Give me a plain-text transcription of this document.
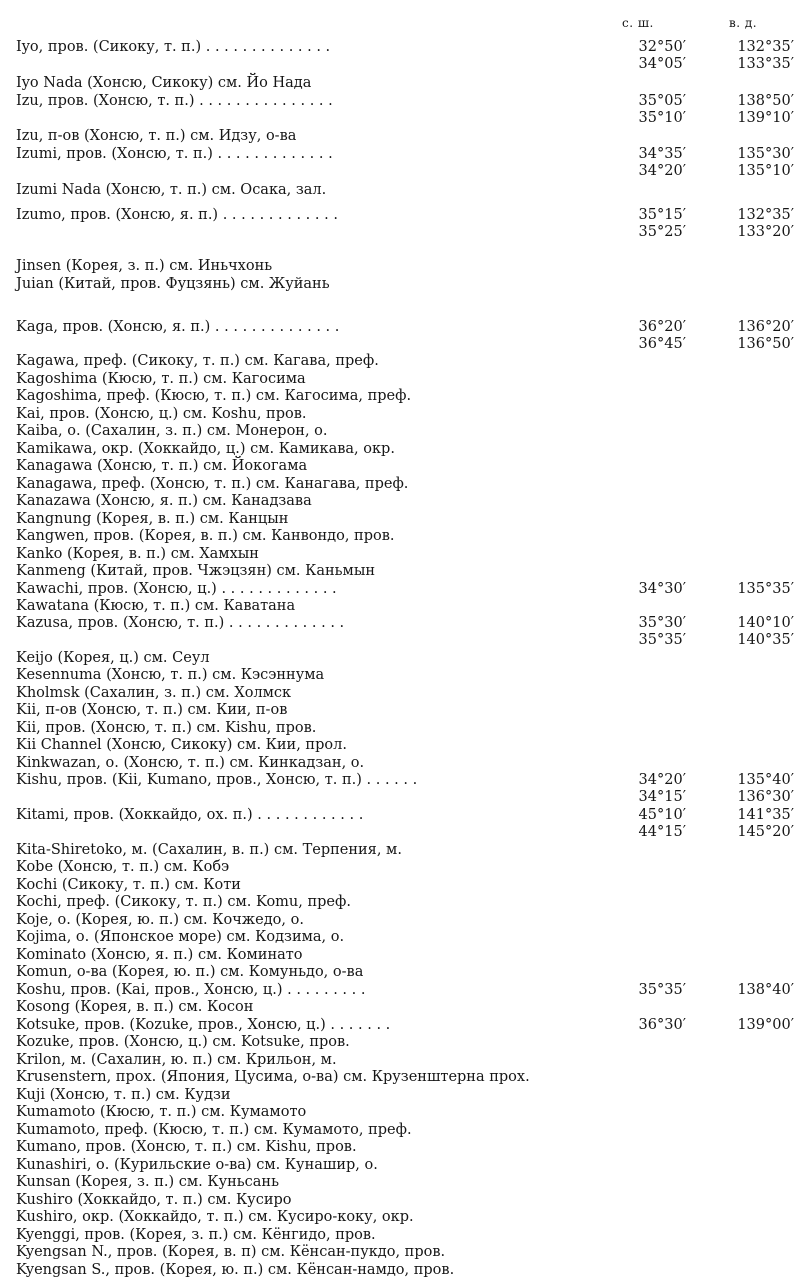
с. ш.	в. д.
Iyo, пров. (Сикоку, т. п.) . . . . . . . . . . . . . .	32°50′	132°35′
34°05′	133°35′
Iyo Nada (Хонсю, Сикоку) см. Йо Нада
Izu, пров. (Хонсю, т. п.) . . . . . . . . . . . . . . .	35°05′	138°50′
35°10′	139°10′
Izu, п-ов (Хонсю, т. п.) см. Идзу, о-ва
Izumi, пров. (Хонсю, т. п.) . . . . . . . . . . . . .	34°35′	135°30′
34°20′	135°10′
Izumi Nada (Хонсю, т. п.) см. Осака, зал.
Izumo, пров. (Хонсю, я. п.) . . . . . . . . . . . . .	35°15′	132°35′
35°25′	133°20′
Jinsen (Корея, з. п.) см. Иньчхонь
Juian (Китай, пров. Фуцзянь) см. Жуйань
Kaga, пров. (Хонсю, я. п.) . . . . . . . . . . . . . .	36°20′	136°20′
36°45′	136°50′
Kagawa, преф. (Сикоку, т. п.) см. Кагава, преф.
Kagoshima (Кюсю, т. п.) см. Кагосима
Kagoshima, преф. (Кюсю, т. п.) см. Кагосима, преф.
Kai, пров. (Хонсю, ц.) см. Koshu, пров.
Kaiba, о. (Сахалин, з. п.) см. Монерон, о.
Kamikawa, окр. (Хоккайдо, ц.) см. Камикава, окр.
Kanagawa (Хонсю, т. п.) см. Йокогама
Kanagawa, преф. (Хонсю, т. п.) см. Канагава, преф.
Kanazawa (Хонсю, я. п.) см. Канадзава
Kangnung (Корея, в. п.) см. Канцын
Kangwen, пров. (Корея, в. п.) см. Канвондо, пров.
Kanko (Корея, в. п.) см. Хамхын
Kanmeng (Китай, пров. Чжэцзян) см. Каньмын
Kawachi, пров. (Хонсю, ц.) . . . . . . . . . . . . .	34°30′	135°35′
Kawatana (Кюсю, т. п.) см. Каватана
Kazusa, пров. (Хонсю, т. п.) . . . . . . . . . . . . .	35°30′	140°10′
35°35′	140°35′
Keijo (Корея, ц.) см. Сеул
Kesennuma (Хонсю, т. п.) см. Кэсэннума
Kholmsk (Сахалин, з. п.) см. Холмск
Kii, п-ов (Хонсю, т. п.) см. Кии, п-ов
Kii, пров. (Хонсю, т. п.) см. Kishu, пров.
Kii Channel (Хонсю, Сикоку) см. Кии, прол.
Kinkwazan, о. (Хонсю, т. п.) см. Кинкадзан, о.
Kishu, пров. (Kii, Kumano, пров., Хонсю, т. п.) . . . . . .	34°20′	135°40′
34°15′	136°30′
Kitami, пров. (Хоккайдо, ох. п.) . . . . . . . . . . . .	45°10′	141°35′
44°15′	145°20′
Kita-Shiretoko, м. (Сахалин, в. п.) см. Терпения, м.
Kobe (Хонсю, т. п.) см. Кобэ
Kochi (Сикоку, т. п.) см. Коти
Kochi, преф. (Сикоку, т. п.) см. Komu, преф.
Koje, о. (Корея, ю. п.) см. Кочжедо, о.
Kojima, о. (Японское море) см. Кодзима, о.
Kominato (Хонсю, я. п.) см. Коминато
Komun, о-ва (Корея, ю. п.) см. Комуньдо, о-ва
Koshu, пров. (Kai, пров., Хонсю, ц.) . . . . . . . . .	35°35′	138°40′
Kosong (Корея, в. п.) см. Косон
Kotsuke, пров. (Kozuke, пров., Хонсю, ц.) . . . . . . .	36°30′	139°00′
Kozuke, пров. (Хонсю, ц.) см. Kotsuke, пров.
Krilon, м. (Сахалин, ю. п.) см. Крильон, м.
Krusenstern, прох. (Япония, Цусима, о-ва) см. Крузенштерна прох.
Kuji (Хонсю, т. п.) см. Кудзи
Kumamoto (Кюсю, т. п.) см. Кумамото
Kumamoto, преф. (Кюсю, т. п.) см. Кумамото, преф.
Kumano, пров. (Хонсю, т. п.) см. Kishu, пров.
Kunashiri, о. (Курильские о-ва) см. Кунашир, о.
Kunsan (Корея, з. п.) см. Куньсань
Kushiro (Хоккайдо, т. п.) см. Кусиро
Kushiro, окр. (Хоккайдо, т. п.) см. Кусиро-коку, окр.
Kyenggi, пров. (Корея, з. п.) см. Кёнгидо, пров.
Kyengsan N., пров. (Корея, в. п) см. Кёнсан-пукдо, пров.
Kyengsan S., пров. (Корея, ю. п.) см. Кёнсан-намдо, пров.
